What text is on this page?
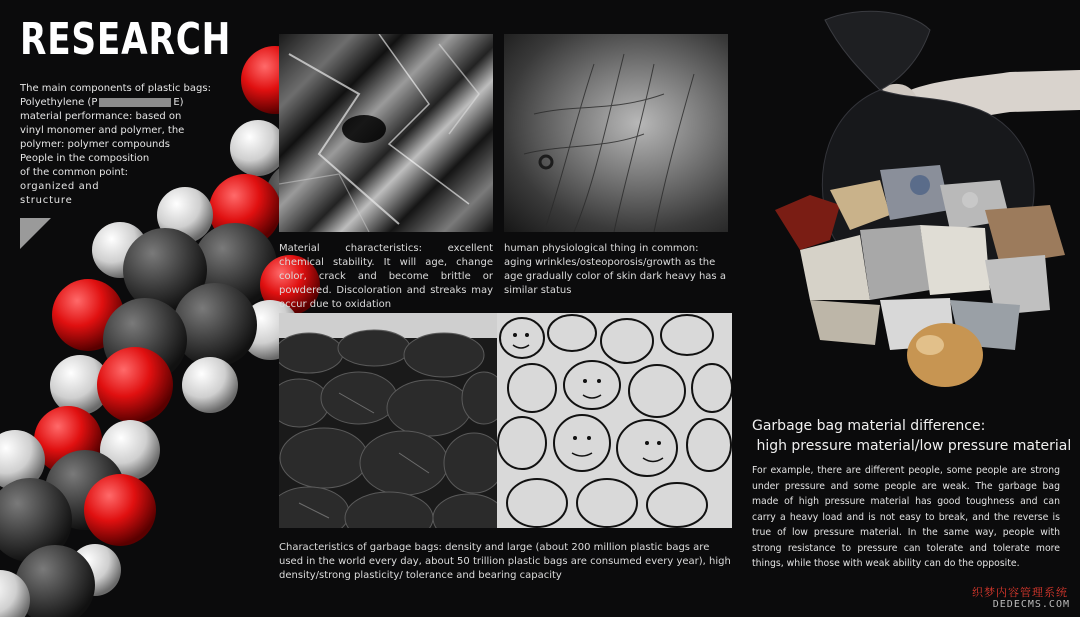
RESEARCH
The main components of plastic bags:
Polyethylene (P	E)
material performance: based on
vinyl monomer and polymer, the
polymer: polymer compounds
People in the composition
of the common point:
organized and
structure
Material characteristics: excellent chemical stability. It will age, change color, crack and become brittle or powdered. Discoloration and streaks may occur due to oxidation
human physiological thing in common: aging wrinkles/osteoporosis/growth as the age gradually color of skin dark heavy has a similar status
Characteristics of garbage bags: density and large (about 200 million plastic bags are used in the world every day, about 50 trillion plastic bags are consumed every year), high density/strong plasticity/ tolerance and bearing capacity
Garbage bag material difference:
high pressure material/low pressure material
For example, there are different people, some people are strong under pressure and some people are weak. The garbage bag made of high pressure material has good toughness and can carry a heavy load and is not easy to break, and the reverse is true of low pressure material. In the same way, people with strong resistance to pressure can tolerate and tolerate more things, while those with weak ability can do the opposite.
织梦内容管理系统
DEDECMS.COM
